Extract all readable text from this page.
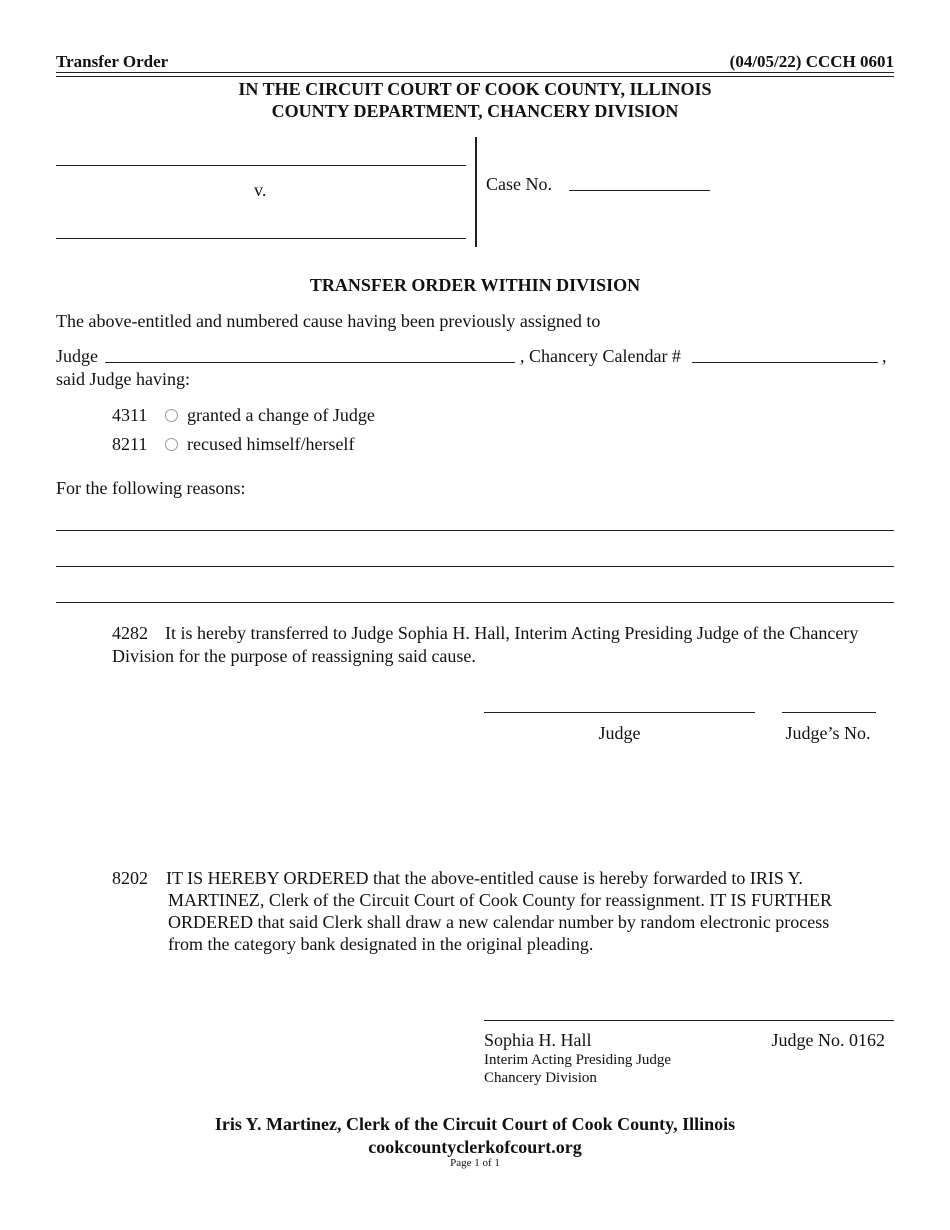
Transfer Order	(04/05/22) CCCH 0601
IN THE CIRCUIT COURT OF COOK COUNTY, ILLINOIS
COUNTY DEPARTMENT, CHANCERY DIVISION
v.	Case No.
TRANSFER ORDER WITHIN DIVISION
The above-entitled and numbered cause having been previously assigned to
Judge	, Chancery Calendar #	,
said Judge having:
4311 granted a change of Judge
8211 recused himself/herself
For the following reasons:
4282 It is hereby transferred to Judge Sophia H. Hall, Interim Acting Presiding Judge of the Chancery
Division for the purpose of reassigning said cause.
Judge	Judge’s No.
8202 IT IS HEREBY ORDERED that the above-entitled cause is hereby forwarded to IRIS Y.
MARTINEZ, Clerk of the Circuit Court of Cook County for reassignment. IT IS FURTHER
ORDERED that said Clerk shall draw a new calendar number by random electronic process
from the category bank designated in the original pleading.
Sophia H. Hall	Judge No. 0162
Interim Acting Presiding Judge
Chancery Division
Iris Y. Martinez, Clerk of the Circuit Court of Cook County, Illinois
cookcountyclerkofcourt.org
Page 1 of 1
